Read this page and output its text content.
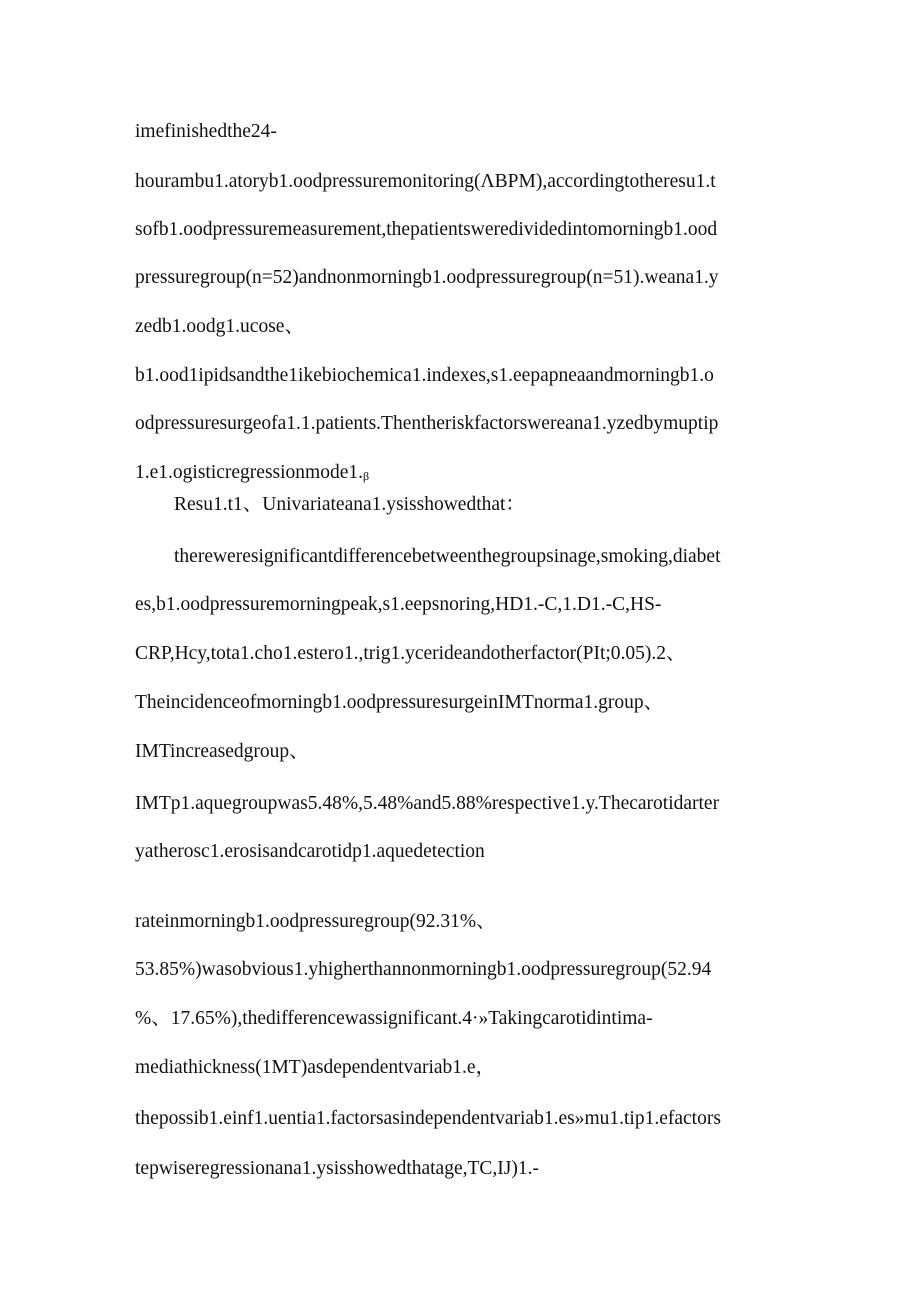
imefinishedthe24-
hourambu1.atoryb1.oodpressuremonitoring(ΛBPM),accordingtotheresu1.t
sofb1.oodpressuremeasurement,thepatientsweredividedintomorningb1.ood
pressuregroup(n=52)andnonmorningb1.oodpressuregroup(n=51).weana1.y
zedb1.oodg1.ucose、
b1.ood1ipidsandthe1ikebiochemica1.indexes,s1.eepapneaandmorningb1.o
odpressuresurgeofa1.1.patients.Thentheriskfactorswereana1.yzedbymuptip
1.e1.ogisticregressionmode1.β
Resu1.t1、Univariateana1.ysisshowedthat：
thereweresignificantdifferencebetweenthegroupsinage,smoking,diabet
es,b1.oodpressuremorningpeak,s1.eepsnoring,HD1.-C,1.D1.-C,HS-
CRP,Hcy,tota1.cho1.estero1.,trig1.ycerideandotherfactor(PIt;0.05).2、
Theincidenceofmorningb1.oodpressuresurgeinIMTnorma1.group、
IMTincreasedgroup、
IMTp1.aquegroupwas5.48%,5.48%and5.88%respective1.y.Thecarotidarter
yatherosc1.erosisandcarotidp1.aquedetection
rateinmorningb1.oodpressuregroup(92.31%、
53.85%)wasobvious1.yhigherthannonmorningb1.oodpressuregroup(52.94
%、17.65%),thedifferencewassignificant.4·»Takingcarotidintima-
mediathickness(1MT)asdependentvariab1.e，
thepossib1.einf1.uentia1.factorsasindependentvariab1.es»mu1.tip1.efactors
tepwiseregressionana1.ysisshowedthatage,TC,IJ)1.-
